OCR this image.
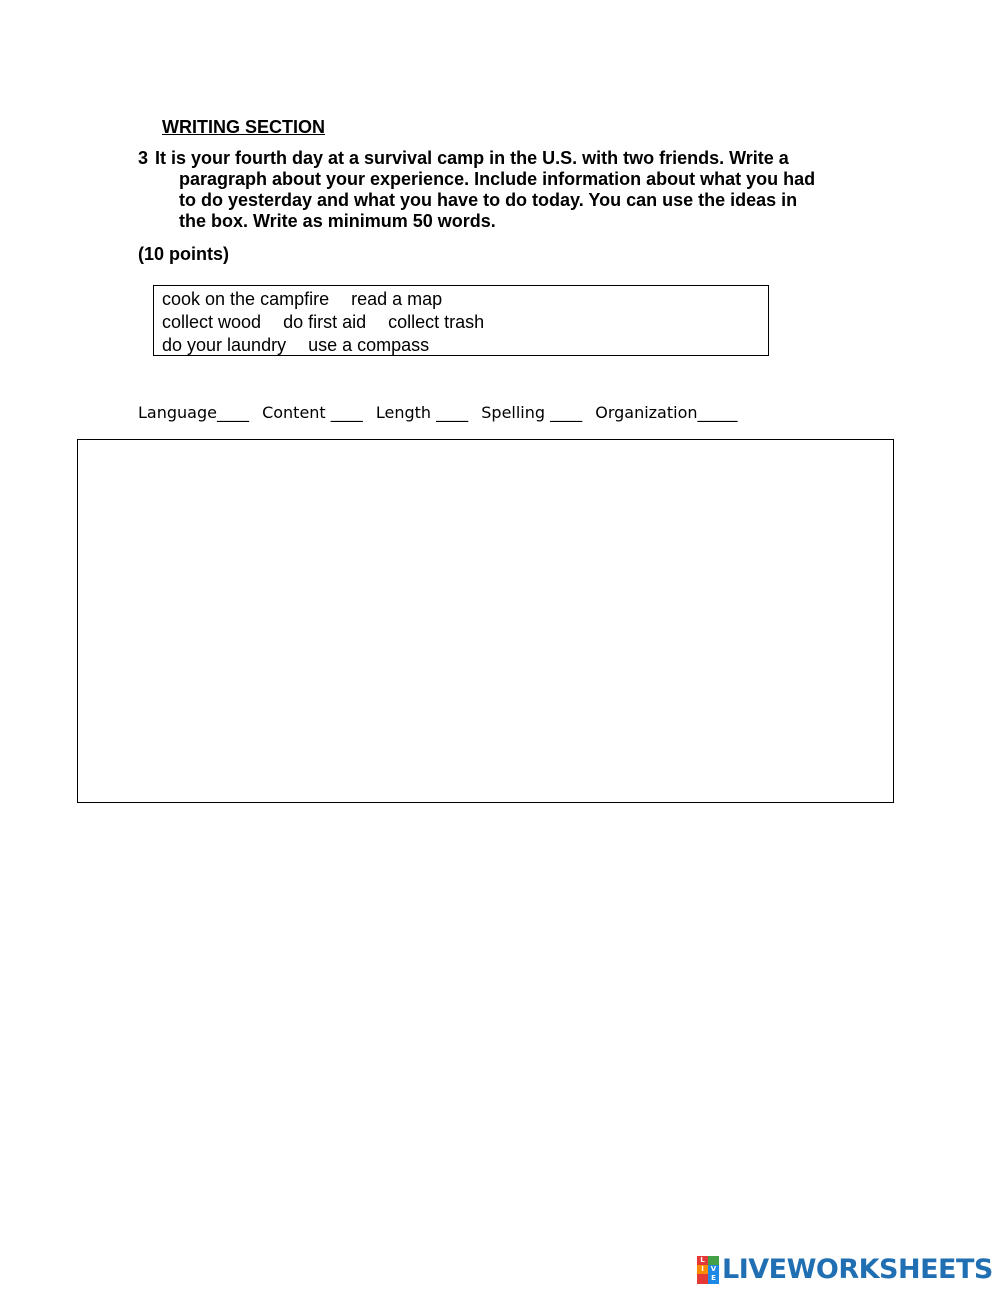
WRITING SECTION
3 It is your fourth day at a survival camp in the U.S. with two friends. Write a
paragraph about your experience. Include information about what you had
to do yesterday and what you have to do today. You can use the ideas in
the box. Write as minimum 50 words.

(10 points)

cook on the campfire read a map
collect wood do first aid collect trash
do your laundry use a compass
Language____ Content ____ Length ____ Spelling ____ Organization_____
L
I V
E LIVEWORKSHEETS
